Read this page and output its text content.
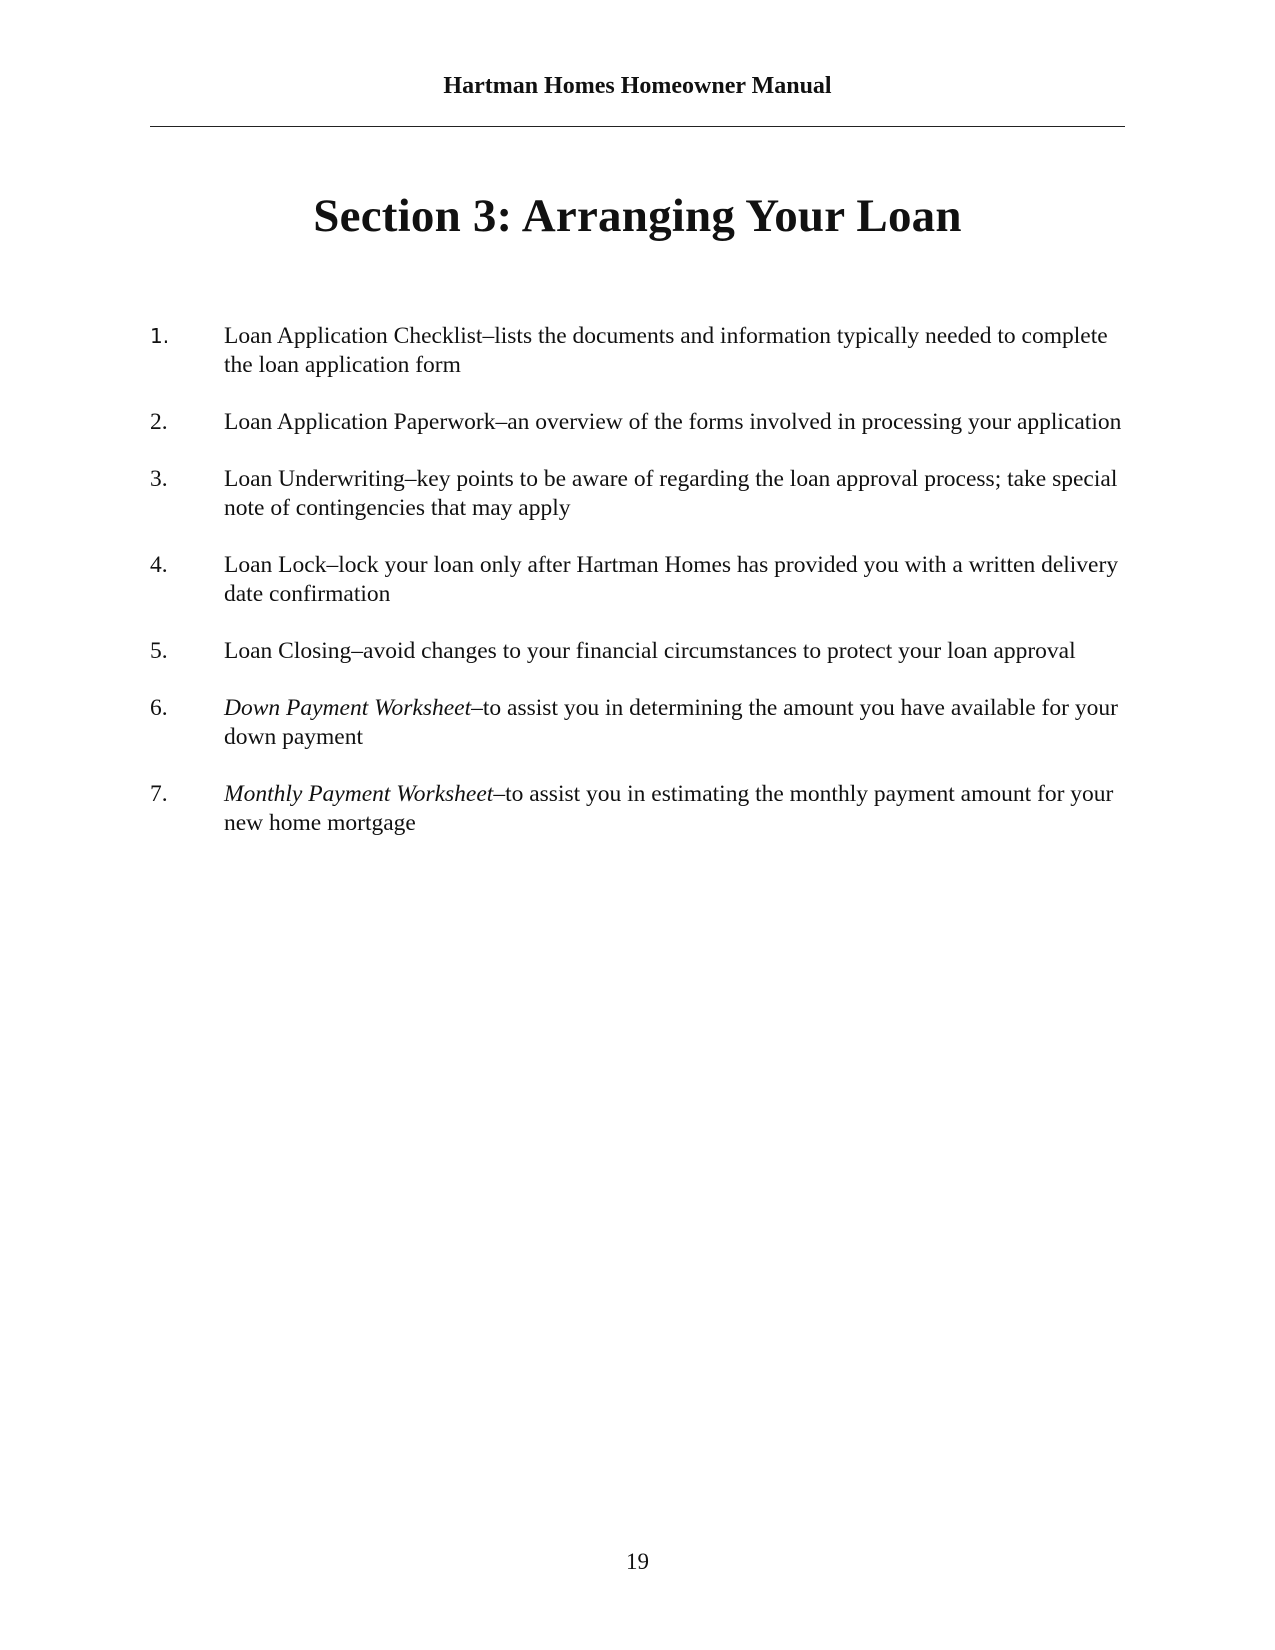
Hartman Homes Homeowner Manual
Section 3: Arranging Your Loan
1. Loan Application Checklist–lists the documents and information typically needed to complete the loan application form
2. Loan Application Paperwork–an overview of the forms involved in processing your application
3. Loan Underwriting–key points to be aware of regarding the loan approval process; take special note of contingencies that may apply
4. Loan Lock–lock your loan only after Hartman Homes has provided you with a written delivery date confirmation
5. Loan Closing–avoid changes to your financial circumstances to protect your loan approval
6. Down Payment Worksheet–to assist you in determining the amount you have available for your down payment
7. Monthly Payment Worksheet–to assist you in estimating the monthly payment amount for your new home mortgage
19
